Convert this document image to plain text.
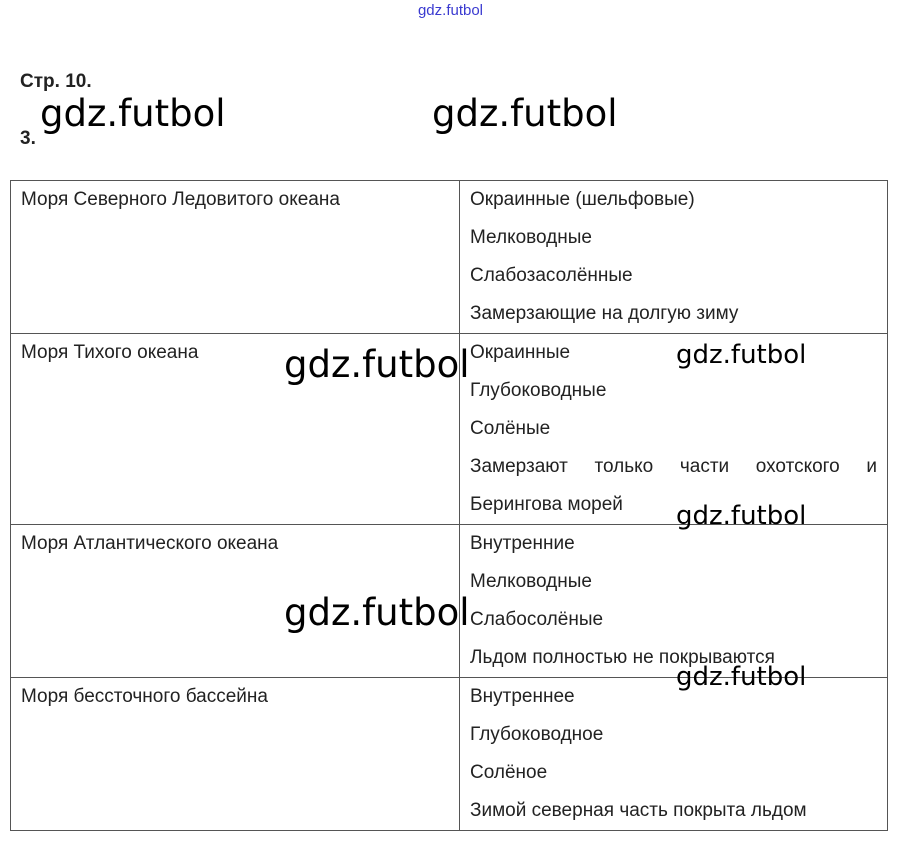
gdz.futbol
Стр. 10.
3.
Моря Северного Ледовитого океана	Окраинные (шельфовые)
Мелководные
Слабозасолённые
Замерзающие на долгую зиму

Моря Тихого океана	Окраинные
Глубоководные
Солёные
Замерзают только части охотского и
Берингова морей

Моря Атлантического океана	Внутренние
Мелководные
Слабосолёные
Льдом полностью не покрываются

Моря бессточного бассейна	Внутреннее
Глубоководное
Солёное
Зимой северная часть покрыта льдом
gdz.futbol	gdz.futbol
gdz.futbol	gdz.futbol
gdz.futbol
gdz.futbol
gdz.futbol
